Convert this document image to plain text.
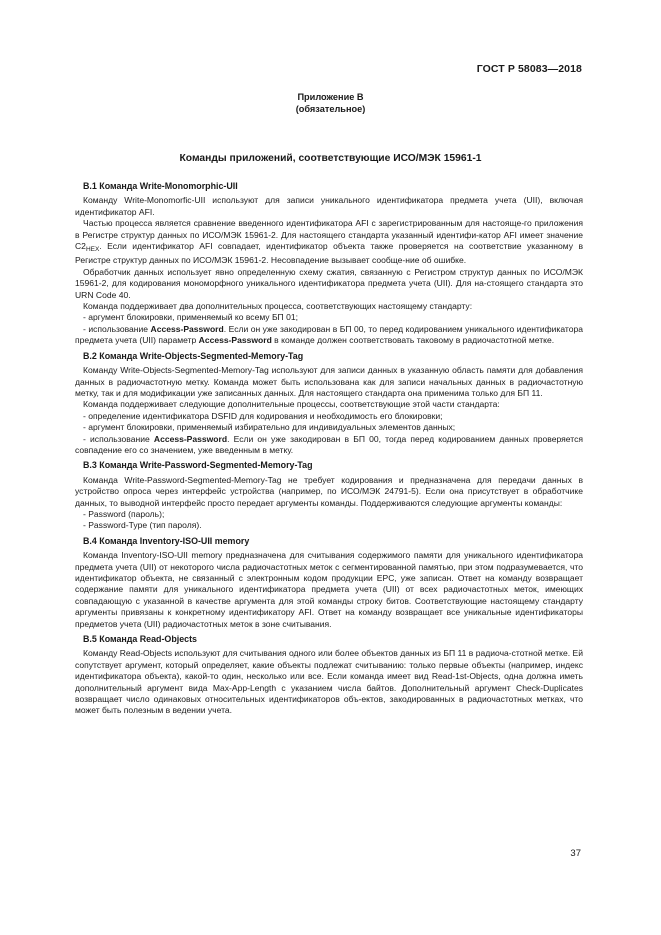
ГОСТ Р 58083—2018
Приложение В
(обязательное)
Команды приложений, соответствующие ИСО/МЭК 15961-1
В.1 Команда Write-Monomorphic-UII

Команду Write-Monomorfic-UII используют для записи уникального идентификатора предмета учета (UII), включая идентификатор AFI.

Частью процесса является сравнение введенного идентификатора AFI с зарегистрированным для настояще-го приложения в Регистре структур данных по ИСО/МЭК 15961-2. Для настоящего стандарта указанный идентифи-катор AFI имеет значение $C2_{HEX}$. Если идентификатор AFI совпадает, идентификатор объекта также проверяется на соответствие указанному в Регистре структур данных по ИСО/МЭК 15961-2. Несовпадение вызывает сообще-ние об ошибке.

Обработчик данных использует явно определенную схему сжатия, связанную с Регистром структур данных по ИСО/МЭК 15961-2, для кодирования мономорфного уникального идентификатора предмета учета (UII). Для на-стоящего стандарта это URN Code 40.

Команда поддерживает два дополнительных процесса, соответствующих настоящему стандарту:

- аргумент блокировки, применяемый ко всему БП 01;

- использование Access-Password. Если он уже закодирован в БП 00, то перед кодированием уникального идентификатора предмета учета (UII) параметр Access-Password в команде должен соответствовать таковому в радиочастотной метке.

В.2 Команда Write-Objects-Segmented-Memory-Tag

Команду Write-Objects-Segmented-Memory-Tag используют для записи данных в указанную область памяти для добавления данных в радиочастотную метку. Команда может быть использована как для записи начальных данных в радиочастотную метку, так и для модификации уже записанных данных. Для настоящего стандарта она применима только для БП 11.

Команда поддерживает следующие дополнительные процессы, соответствующие этой части стандарта:

- определение идентификатора DSFID для кодирования и необходимость его блокировки;

- аргумент блокировки, применяемый избирательно для индивидуальных элементов данных;

- использование Access-Password. Если он уже закодирован в БП 00, тогда перед кодированием данных проверяется совпадение его со значением, уже введенным в метку.

В.3 Команда Write-Password-Segmented-Memory-Tag

Команда Write-Password-Segmented-Memory-Tag не требует кодирования и предназначена для передачи данных в устройство опроса через интерфейс устройства (например, по ИСО/МЭК 24791-5). Если она присутствует в обработчике данных, то выводной интерфейс просто передает аргументы команды. Поддерживаются следующие аргументы команды:

- Password (пароль);

- Password-Type (тип пароля).

В.4 Команда Inventory-ISO-UII memory

Команда Inventory-ISO-UII memory предназначена для считывания содержимого памяти для уникального идентификатора предмета учета (UII) от некоторого числа радиочастотных меток с сегментированной памятью, при этом подразумевается, что идентификатор объекта, не связанный с электронным кодом продукции EPC, уже записан. Ответ на команду возвращает содержание памяти для уникального идентификатора предмета учета (UII) от всех радиочастотных меток, имеющих совпадающую с указанной в качестве аргумента для этой команды строку битов. Соответствующие настоящему стандарту аргументы привязаны к конкретному идентификатору AFI. Ответ на команду возвращает все уникальные идентификаторы предметов учета (UII) радиочастотных меток в зоне считывания.

В.5 Команда Read-Objects

Команду Read-Objects используют для считывания одного или более объектов данных из БП 11 в радиоча-стотной метке. Ей сопутствует аргумент, который определяет, какие объекты подлежат считыванию: только первые объекты (например, индекс идентификатора объекта), какой-то один, несколько или все. Если команда имеет вид Read-1st-Objects, одна должна иметь дополнительный аргумент вида Max-App-Length с указанием числа байтов. Дополнительный аргумент Check-Duplicates возвращает число одинаковых относительных идентификаторов объ-ектов, закодированных в радиочастотных метках, что может быть полезным в ведении учета.

37
